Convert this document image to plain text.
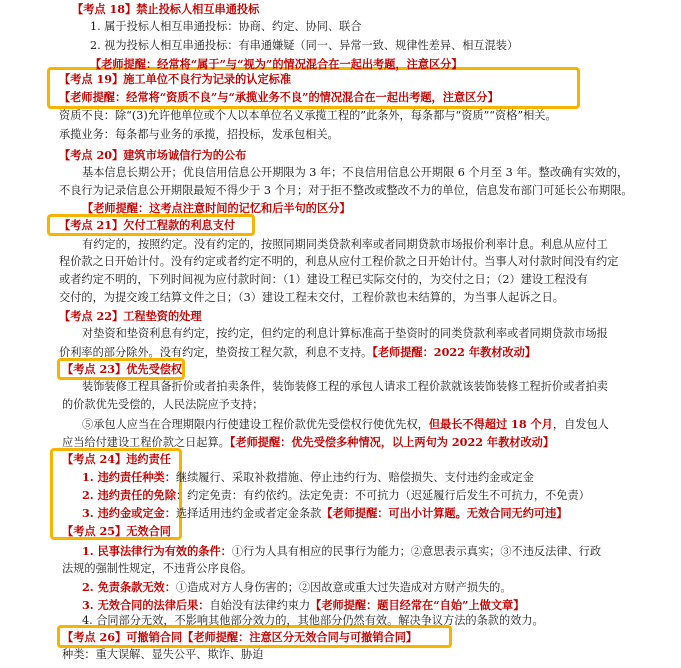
【考点 18】禁止投标人相互串通投标
1. 属于投标人相互串通投标：协商、约定、协同、联合
2. 视为投标人相互串通投标：有串通嫌疑（同一、异常一致、规律性差异、相互混装）
【老师提醒：经常将“属于”与“视为”的情况混合在一起出考题，注意区分】
【考点 19】施工单位不良行为记录的认定标准
【老师提醒：经常将“资质不良”与“承揽业务不良”的情况混合在一起出考题，注意区分】
资质不良：除“(3)允许他单位或个人以本单位名义承揽工程的”此条外，每条都与“资质”“资格”相关。
承揽业务：每条都与业务的承揽，招投标，发承包相关。
【考点 20】建筑市场诚信行为的公布
基本信息长期公开；优良信用信息公开期限为 3 年；不良信用信息公开期限 6 个月至 3 年。整改确有实效的，
不良行为记录信息公开期限最短不得少于 3 个月；对于拒不整改或整改不力的单位，信息发布部门可延长公布期限。
【老师提醒：这考点注意时间的记忆和后半句的区分】
【考点 21】欠付工程款的利息支付
有约定的，按照约定。没有约定的，按照同期同类贷款利率或者同期贷款市场报价利率计息。利息从应付工
程价款之日开始计付。没有约定或者约定不明的，利息从应付工程价款之日开始计付。当事人对付款时间没有约定
或者约定不明的，下列时间视为应付款时间：（1）建设工程已实际交付的，为交付之日；（2）建设工程没有
交付的，为提交竣工结算文件之日；（3）建设工程未交付，工程价款也未结算的，为当事人起诉之日。
【考点 22】工程垫资的处理
对垫资和垫资利息有约定，按约定，但约定的利息计算标准高于垫资时的同类贷款利率或者同期贷款市场报
价利率的部分除外。没有约定，垫资按工程欠款，利息不支持。【老师提醒：2022 年教材改动】
【考点 23】优先受偿权
装饰装修工程具备折价或者拍卖条件，装饰装修工程的承包人请求工程价款就该装饰装修工程折价或者拍卖
的价款优先受偿的，人民法院应予支持；
⑤承包人应当在合理期限内行使建设工程价款优先受偿权行使优先权，但最长不得超过 18 个月，自发包人
应当给付建设工程价款之日起算。【老师提醒：优先受偿多种情况，以上两句为 2022 年教材改动】
【考点 24】违约责任
1. 违约责任种类：继续履行、采取补救措施、停止违约行为、赔偿损失、支付违约金或定金
2. 违约责任的免除：约定免责：有约依约。法定免责：不可抗力（迟延履行后发生不可抗力，不免责）
3. 违约金或定金：选择适用违约金或者定金条款【老师提醒：可出小计算题。无效合同无约可违】
【考点 25】无效合同
1. 民事法律行为有效的条件：①行为人具有相应的民事行为能力；②意思表示真实；③不违反法律、行政
法规的强制性规定，不违背公序良俗。
2. 免责条款无效：①造成对方人身伤害的；②因故意或重大过失造成对方财产损失的。
3. 无效合同的法律后果：自始没有法律约束力【老师提醒：题目经常在“自始”上做文章】
4. 合同部分无效，不影响其他部分效力的，其他部分仍然有效。解决争议方法的条款的效力。
【考点 26】可撤销合同【老师提醒：注意区分无效合同与可撤销合同】
种类：重大误解、显失公平、欺诈、胁迫
